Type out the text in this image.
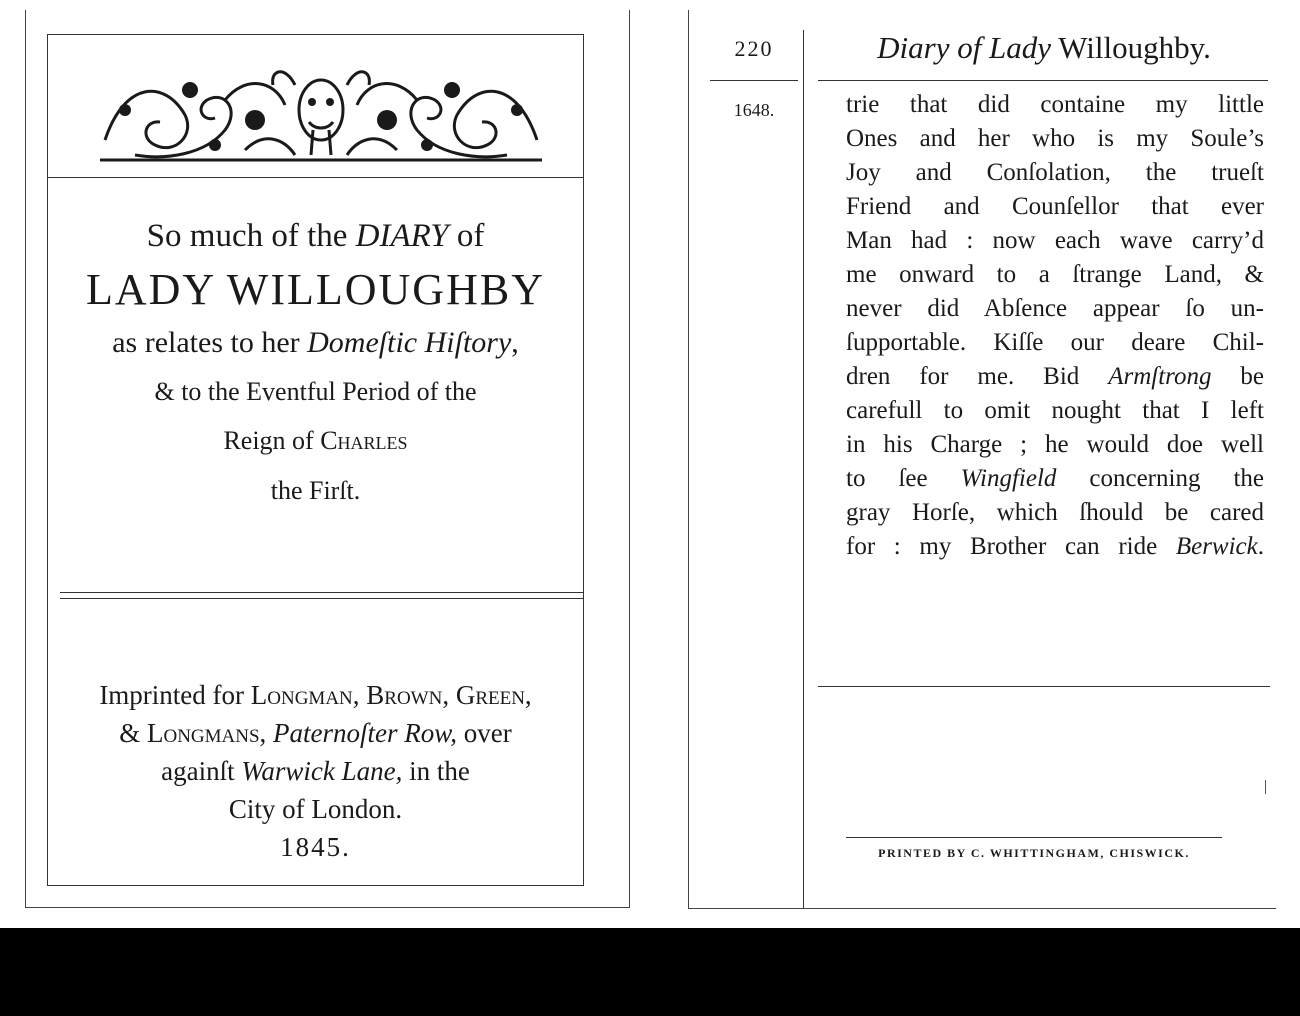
So much of the DIARY of
LADY WILLOUGHBY
as relates to her Domeſtic Hiſtory,
& to the Eventful Period of the
Reign of Charles
the Firſt.
Imprinted for Longman, Brown, Green,
& Longmans, Paternoſter Row, over
againſt Warwick Lane, in the
City of London.
1845.
220	Diary of Lady Willoughby.
1648.	trie that did containe my little
Ones and her who is my Soule’s
Joy and Conſolation, the trueſt
Friend and Counſellor that ever
Man had : now each wave carry’d
me onward to a ſtrange Land, &
never did Abſence appear ſo un-
ſupportable. Kiſſe our deare Chil-
dren for me. Bid Armſtrong be
carefull to omit nought that I left
in his Charge ; he would doe well
to ſee Wingfield concerning the
gray Horſe, which ſhould be cared
for : my Brother can ride Berwick.
PRINTED BY C. WHITTINGHAM, CHISWICK.
